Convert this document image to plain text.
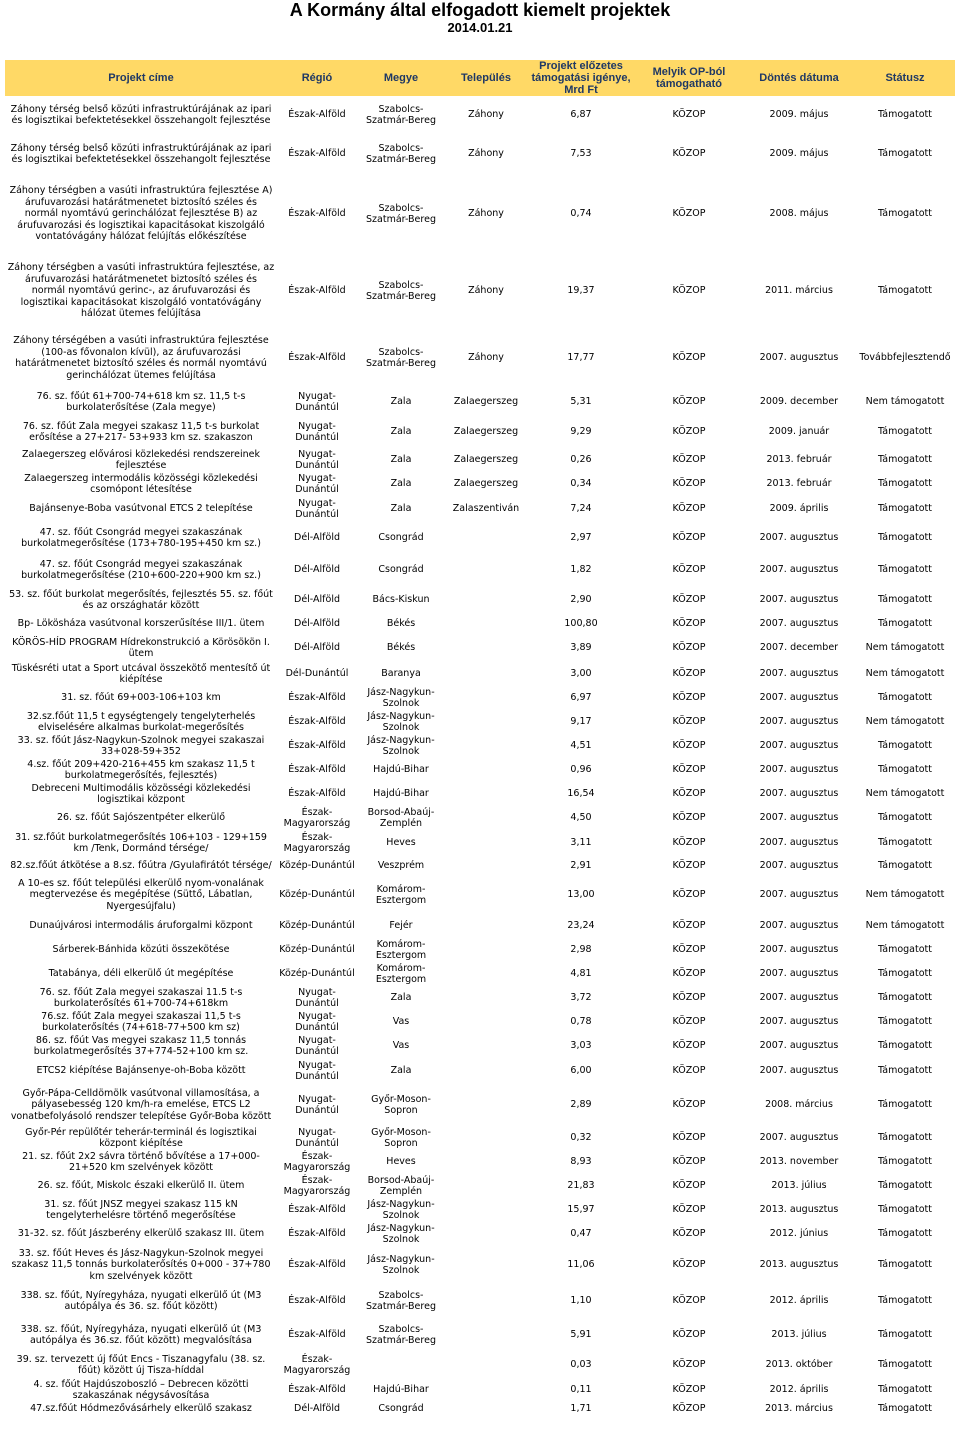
A Kormány által elfogadott kiemelt projektek
2014.01.21
Projekt címe	Régió	Megye	Település	Projekt előzetes támogatási igénye, Mrd Ft	Melyik OP-ból támogatható	Döntés dátuma	Státusz
Záhony térség belső közúti infrastruktúrájának az ipari és logisztikai befektetésekkel összehangolt fejlesztése	Észak-Alföld	Szabolcs-Szatmár-Bereg	Záhony	6,87	KÖZOP	2009. május	Támogatott
Záhony térség belső közúti infrastruktúrájának az ipari és logisztikai befektetésekkel összehangolt fejlesztése	Észak-Alföld	Szabolcs-Szatmár-Bereg	Záhony	7,53	KÖZOP	2009. május	Támogatott
Záhony térségben a vasúti infrastruktúra fejlesztése A) árufuvarozási határátmenetet biztosító széles és normál nyomtávú gerinchálózat fejlesztése B) az árufuvarozási és logisztikai kapacitásokat kiszolgáló vontatóvágány hálózat felújítás előkészítése	Észak-Alföld	Szabolcs-Szatmár-Bereg	Záhony	0,74	KÖZOP	2008. május	Támogatott
Záhony térségben a vasúti infrastruktúra fejlesztése, az árufuvarozási határátmenetet biztosító széles és normál nyomtávú gerinc-, az árufuvarozási és logisztikai kapacitásokat kiszolgáló vontatóvágány hálózat ütemes felújítása	Észak-Alföld	Szabolcs-Szatmár-Bereg	Záhony	19,37	KÖZOP	2011. március	Támogatott
Záhony térségében a vasúti infrastruktúra fejlesztése (100-as fővonalon kívül), az árufuvarozási határátmenetet biztosító széles és normál nyomtávú gerinchálózat ütemes felújítása	Észak-Alföld	Szabolcs-Szatmár-Bereg	Záhony	17,77	KÖZOP	2007. augusztus	Továbbfejlesztendő
76. sz. főút 61+700-74+618 km sz. 11,5 t-s burkolaterősítése (Zala megye)	Nyugat-Dunántúl	Zala	Zalaegerszeg	5,31	KÖZOP	2009. december	Nem támogatott
76. sz. főút Zala megyei szakasz 11,5 t-s burkolat erősítése a 27+217- 53+933 km sz. szakaszon	Nyugat-Dunántúl	Zala	Zalaegerszeg	9,29	KÖZOP	2009. január	Támogatott
Zalaegerszeg elővárosi közlekedési rendszereinek fejlesztése	Nyugat-Dunántúl	Zala	Zalaegerszeg	0,26	KÖZOP	2013. február	Támogatott
Zalaegerszeg intermodális közösségi közlekedési csomópont létesítése	Nyugat-Dunántúl	Zala	Zalaegerszeg	0,34	KÖZOP	2013. február	Támogatott
Bajánsenye-Boba vasútvonal ETCS 2 telepítése	Nyugat-Dunántúl	Zala	Zalaszentiván	7,24	KÖZOP	2009. április	Támogatott
47. sz. főút Csongrád megyei szakaszának burkolatmegerősítése (173+780-195+450 km sz.)	Dél-Alföld	Csongrád		2,97	KÖZOP	2007. augusztus	Támogatott
47. sz. főút Csongrád megyei szakaszának burkolatmegerősítése (210+600-220+900 km sz.)	Dél-Alföld	Csongrád		1,82	KÖZOP	2007. augusztus	Támogatott
53. sz. főút burkolat megerősítés, fejlesztés 55. sz. főút és az országhatár között	Dél-Alföld	Bács-Kiskun		2,90	KÖZOP	2007. augusztus	Támogatott
Bp- Lökösháza vasútvonal korszerűsítése III/1. ütem	Dél-Alföld	Békés		100,80	KÖZOP	2007. augusztus	Támogatott
KÖRÖS-HÍD PROGRAM Hídrekonstrukció a Körösökön I. ütem	Dél-Alföld	Békés		3,89	KÖZOP	2007. december	Nem támogatott
Tüskésréti utat a Sport utcával összekötő mentesítő út kiépítése	Dél-Dunántúl	Baranya		3,00	KÖZOP	2007. augusztus	Nem támogatott
31. sz. főút 69+003-106+103 km	Észak-Alföld	Jász-Nagykun-Szolnok		6,97	KÖZOP	2007. augusztus	Támogatott
32.sz.főút 11,5 t egységtengely tengelyterhelés elviselésére alkalmas burkolat-megerősítés	Észak-Alföld	Jász-Nagykun-Szolnok		9,17	KÖZOP	2007. augusztus	Nem támogatott
33. sz. főút Jász-Nagykun-Szolnok megyei szakaszai 33+028-59+352	Észak-Alföld	Jász-Nagykun-Szolnok		4,51	KÖZOP	2007. augusztus	Támogatott
4.sz. főút 209+420-216+455 km szakasz 11,5 t burkolatmegerősítés, fejlesztés)	Észak-Alföld	Hajdú-Bihar		0,96	KÖZOP	2007. augusztus	Támogatott
Debreceni Multimodális közösségi közlekedési logisztikai központ	Észak-Alföld	Hajdú-Bihar		16,54	KÖZOP	2007. augusztus	Nem támogatott
26. sz. főút Sajószentpéter elkerülő	Észak-Magyarország	Borsod-Abaúj-Zemplén		4,50	KÖZOP	2007. augusztus	Támogatott
31. sz.főút burkolatmegerősítés 106+103 - 129+159 km /Tenk, Dormánd térsége/	Észak-Magyarország	Heves		3,11	KÖZOP	2007. augusztus	Támogatott
82.sz.főút átkötése a 8.sz. főútra /Gyulafirátót térsége/	Közép-Dunántúl	Veszprém		2,91	KÖZOP	2007. augusztus	Támogatott
A 10-es sz. főút települési elkerülő nyom-vonalának megtervezése és megépítése (Süttő, Lábatlan, Nyergesújfalu)	Közép-Dunántúl	Komárom-Esztergom		13,00	KÖZOP	2007. augusztus	Nem támogatott
Dunaújvárosi intermodális áruforgalmi központ	Közép-Dunántúl	Fejér		23,24	KÖZOP	2007. augusztus	Nem támogatott
Sárberek-Bánhida közúti összekötése	Közép-Dunántúl	Komárom-Esztergom		2,98	KÖZOP	2007. augusztus	Támogatott
Tatabánya, déli elkerülő út megépítése	Közép-Dunántúl	Komárom-Esztergom		4,81	KÖZOP	2007. augusztus	Támogatott
76. sz. főút Zala megyei szakaszai 11.5 t-s burkolaterősítés 61+700-74+618km	Nyugat-Dunántúl	Zala		3,72	KÖZOP	2007. augusztus	Támogatott
76.sz. főút Zala megyei szakaszai 11,5 t-s burkolaterősítés (74+618-77+500 km sz)	Nyugat-Dunántúl	Vas		0,78	KÖZOP	2007. augusztus	Támogatott
86. sz. főút Vas megyei szakasz 11,5 tonnás burkolatmegerősítés 37+774-52+100 km sz.	Nyugat-Dunántúl	Vas		3,03	KÖZOP	2007. augusztus	Támogatott
ETCS2 kiépítése Bajánsenye-oh-Boba között	Nyugat-Dunántúl	Zala		6,00	KÖZOP	2007. augusztus	Támogatott
Győr-Pápa-Celldömölk vasútvonal villamosítása, a pályasebesség 120 km/h-ra emelése, ETCS L2 vonatbefolyásoló rendszer telepítése Győr-Boba között	Nyugat-Dunántúl	Győr-Moson-Sopron		2,89	KÖZOP	2008. március	Támogatott
Győr-Pér repülőtér teherár-terminál és logisztikai központ kiépítése	Nyugat-Dunántúl	Győr-Moson-Sopron		0,32	KÖZOP	2007. augusztus	Támogatott
21. sz. főút 2x2 sávra történő bővítése a 17+000-21+520 km szelvények között	Észak-Magyarország	Heves		8,93	KÖZOP	2013. november	Támogatott
26. sz. főút, Miskolc északi elkerülő II. ütem	Észak-Magyarország	Borsod-Abaúj-Zemplén		21,83	KÖZOP	2013. július	Támogatott
31. sz. főút JNSZ megyei szakasz 115 kN tengelyterhelésre történő megerősítése	Észak-Alföld	Jász-Nagykun-Szolnok		15,97	KÖZOP	2013. augusztus	Támogatott
31-32. sz. főút Jászberény elkerülő szakasz III. ütem	Észak-Alföld	Jász-Nagykun-Szolnok		0,47	KÖZOP	2012. június	Támogatott
33. sz. főút Heves és Jász-Nagykun-Szolnok megyei szakasz 11,5 tonnás burkolaterősítés 0+000 - 37+780 km szelvények között	Észak-Alföld	Jász-Nagykun-Szolnok		11,06	KÖZOP	2013. augusztus	Támogatott
338. sz. főút, Nyíregyháza, nyugati elkerülő út (M3 autópálya és 36. sz. főút között)	Észak-Alföld	Szabolcs-Szatmár-Bereg		1,10	KÖZOP	2012. április	Támogatott
338. sz. főút, Nyíregyháza, nyugati elkerülő út (M3 autópálya és 36.sz. főút között) megvalósítása	Észak-Alföld	Szabolcs-Szatmár-Bereg		5,91	KÖZOP	2013. július	Támogatott
39. sz. tervezett új főút Encs - Tiszanagyfalu (38. sz. főút) között új Tisza-híddal	Észak-Magyarország			0,03	KÖZOP	2013. október	Támogatott
4. sz. főút Hajdúszoboszló – Debrecen közötti szakaszának négysávosítása	Észak-Alföld	Hajdú-Bihar		0,11	KÖZOP	2012. április	Támogatott
47.sz.főút Hódmezővásárhely elkerülő szakasz	Dél-Alföld	Csongrád		1,71	KÖZOP	2013. március	Támogatott
